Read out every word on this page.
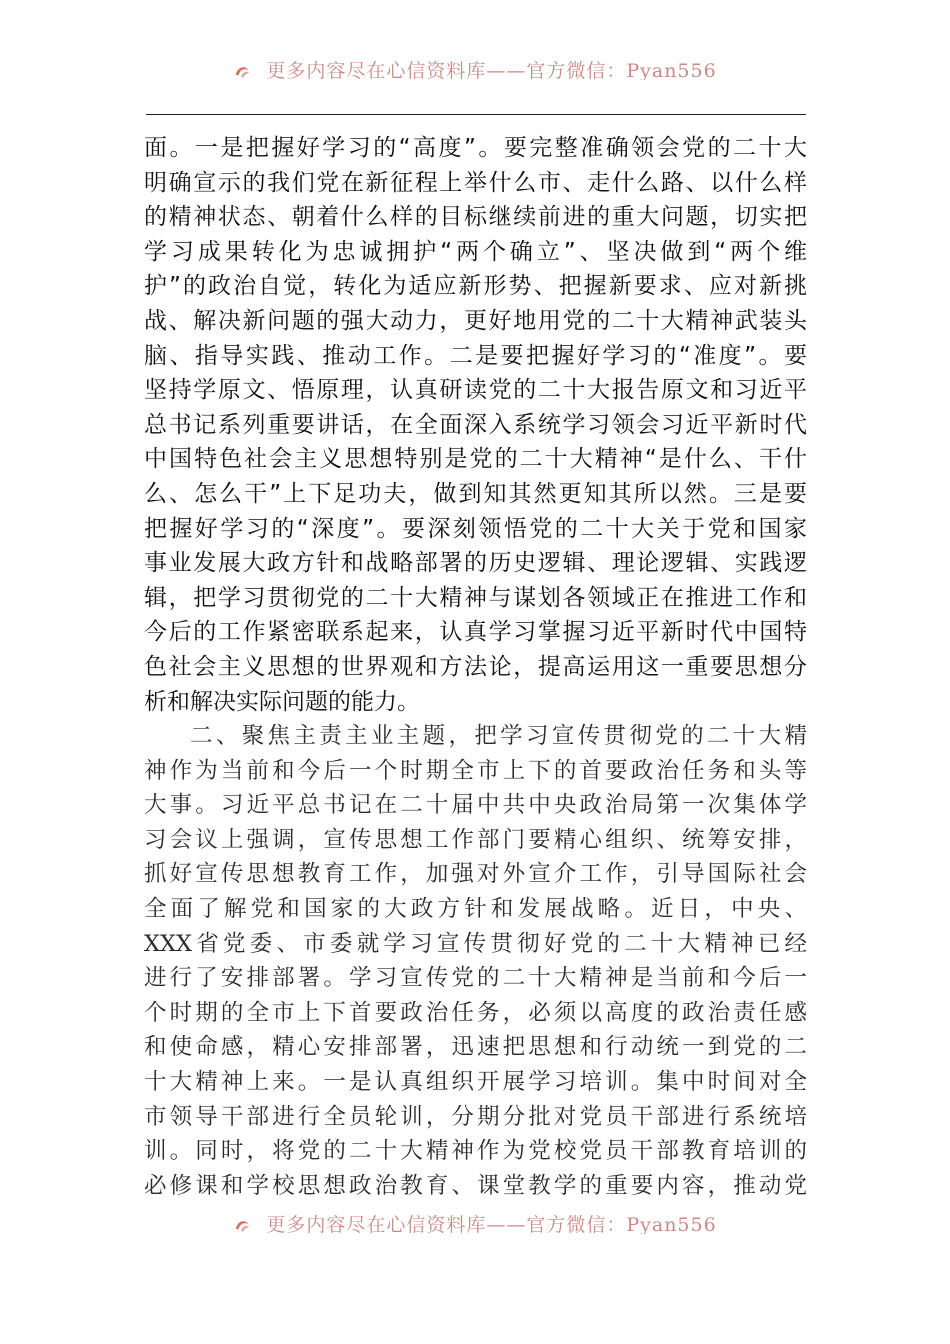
更多内容尽在心信资料库——官方微信：Pyan556
面。一是把握好学习的“高度”。要完整准确领会党的二十大
明确宣示的我们党在新征程上举什么市、走什么路、以什么样
的精神状态、朝着什么样的目标继续前进的重大问题，切实把
学习成果转化为忠诚拥护“两个确立”、坚决做到“两个维
护”的政治自觉，转化为适应新形势、把握新要求、应对新挑
战、解决新问题的强大动力，更好地用党的二十大精神武装头
脑、指导实践、推动工作。二是要把握好学习的“准度”。要
坚持学原文、悟原理，认真研读党的二十大报告原文和习近平
总书记系列重要讲话，在全面深入系统学习领会习近平新时代
中国特色社会主义思想特别是党的二十大精神“是什么、干什
么、怎么干”上下足功夫，做到知其然更知其所以然。三是要
把握好学习的“深度”。要深刻领悟党的二十大关于党和国家
事业发展大政方针和战略部署的历史逻辑、理论逻辑、实践逻
辑，把学习贯彻党的二十大精神与谋划各领域正在推进工作和
今后的工作紧密联系起来，认真学习掌握习近平新时代中国特
色社会主义思想的世界观和方法论，提高运用这一重要思想分
析和解决实际问题的能力。
二、聚焦主责主业主题，把学习宣传贯彻党的二十大精
神作为当前和今后一个时期全市上下的首要政治任务和头等
大事。习近平总书记在二十届中共中央政治局第一次集体学
习会议上强调，宣传思想工作部门要精心组织、统筹安排，
抓好宣传思想教育工作，加强对外宣介工作，引导国际社会
全面了解党和国家的大政方针和发展战略。近日，中央、
XXX省党委、市委就学习宣传贯彻好党的二十大精神已经
进行了安排部署。学习宣传党的二十大精神是当前和今后一
个时期的全市上下首要政治任务，必须以高度的政治责任感
和使命感，精心安排部署，迅速把思想和行动统一到党的二
十大精神上来。一是认真组织开展学习培训。集中时间对全
市领导干部进行全员轮训，分期分批对党员干部进行系统培
训。同时，将党的二十大精神作为党校党员干部教育培训的
必修课和学校思想政治教育、课堂教学的重要内容，推动党
更多内容尽在心信资料库——官方微信：Pyan556
